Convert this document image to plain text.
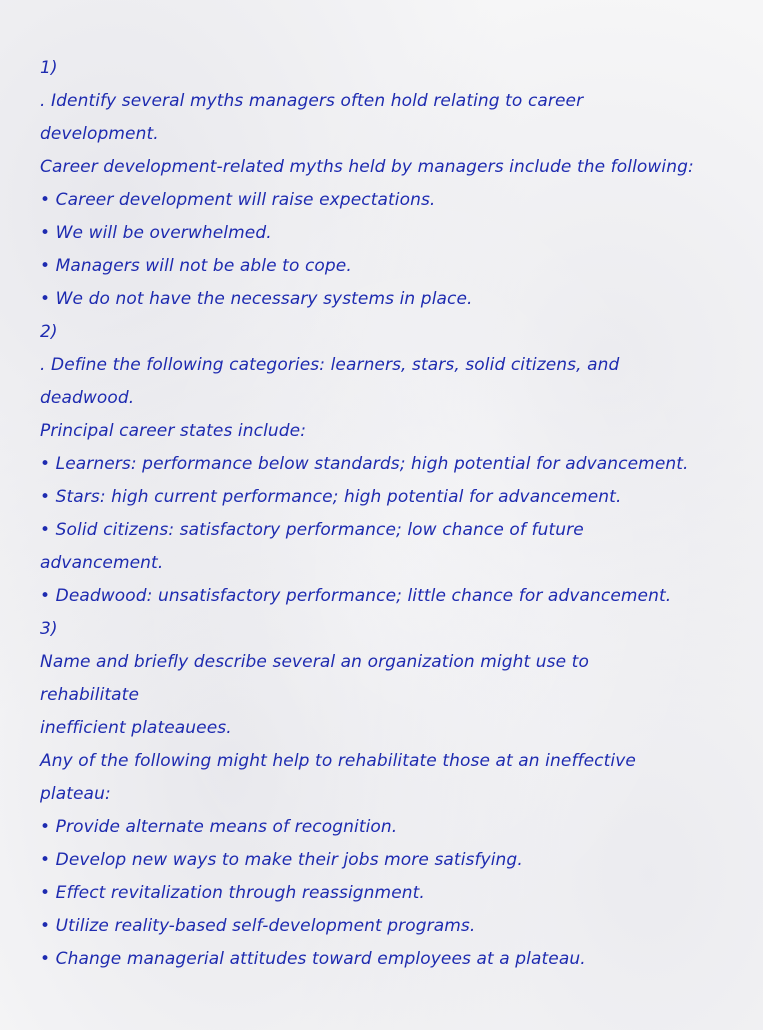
1)
. Identify several myths managers often hold relating to career
development.
Career development-related myths held by managers include the following:
• Career development will raise expectations.
• We will be overwhelmed.
• Managers will not be able to cope.
• We do not have the necessary systems in place.
2)
. Define the following categories: learners, stars, solid citizens, and
deadwood.
Principal career states include:
• Learners: performance below standards; high potential for advancement.
• Stars: high current performance; high potential for advancement.
• Solid citizens: satisfactory performance; low chance of future
advancement.
• Deadwood: unsatisfactory performance; little chance for advancement.
3)
Name and briefly describe several an organization might use to
rehabilitate
inefficient plateauees.
Any of the following might help to rehabilitate those at an ineffective
plateau:
• Provide alternate means of recognition.
• Develop new ways to make their jobs more satisfying.
• Effect revitalization through reassignment.
• Utilize reality-based self-development programs.
• Change managerial attitudes toward employees at a plateau.
